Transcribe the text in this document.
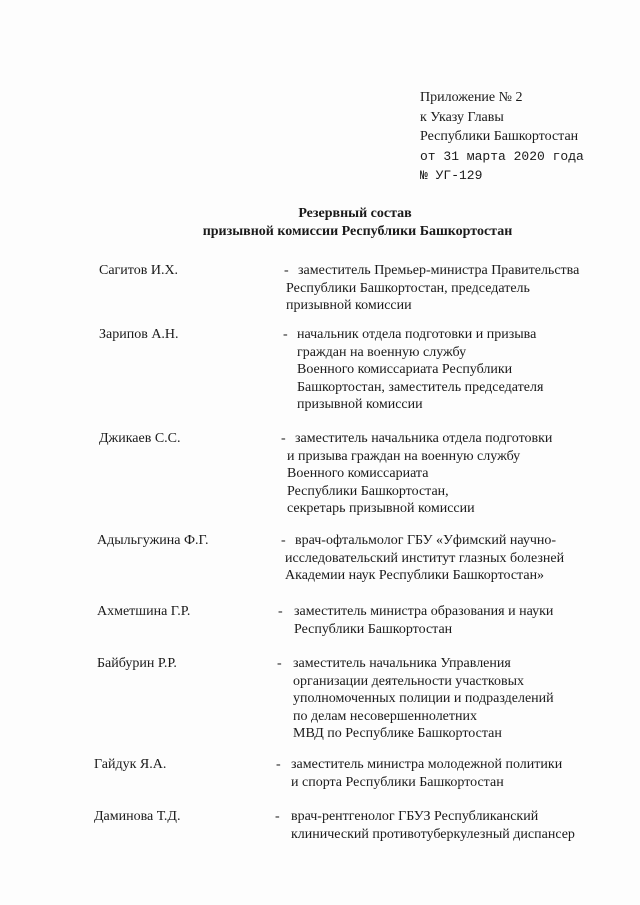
Приложение № 2
к Указу Главы
Республики Башкортостан
от 31 марта 2020 года
№ УГ-129
Резервный состав
призывной комиссии Республики Башкортостан
Сагитов И.Х.	- заместитель Премьер-министра Правительства
Республики Башкортостан, председатель
призывной комиссии
Зарипов А.Н.	- начальник отдела подготовки и призыва
граждан на военную службу
Военного комиссариата Республики
Башкортостан, заместитель председателя
призывной комиссии
Джикаев С.С.	- заместитель начальника отдела подготовки
и призыва граждан на военную службу
Военного комиссариата
Республики Башкортостан,
секретарь призывной комиссии
Адыльгужина Ф.Г.	- врач-офтальмолог ГБУ «Уфимский научно-
исследовательский институт глазных болезней
Академии наук Республики Башкортостан»
Ахметшина Г.Р.	- заместитель министра образования и науки
Республики Башкортостан
Байбурин Р.Р.	- заместитель начальника Управления
организации деятельности участковых
уполномоченных полиции и подразделений
по делам несовершеннолетних
МВД по Республике Башкортостан
Гайдук Я.А.	- заместитель министра молодежной политики
и спорта Республики Башкортостан
Даминова Т.Д.	- врач-рентгенолог ГБУЗ Республиканский
клинический противотуберкулезный диспансер
